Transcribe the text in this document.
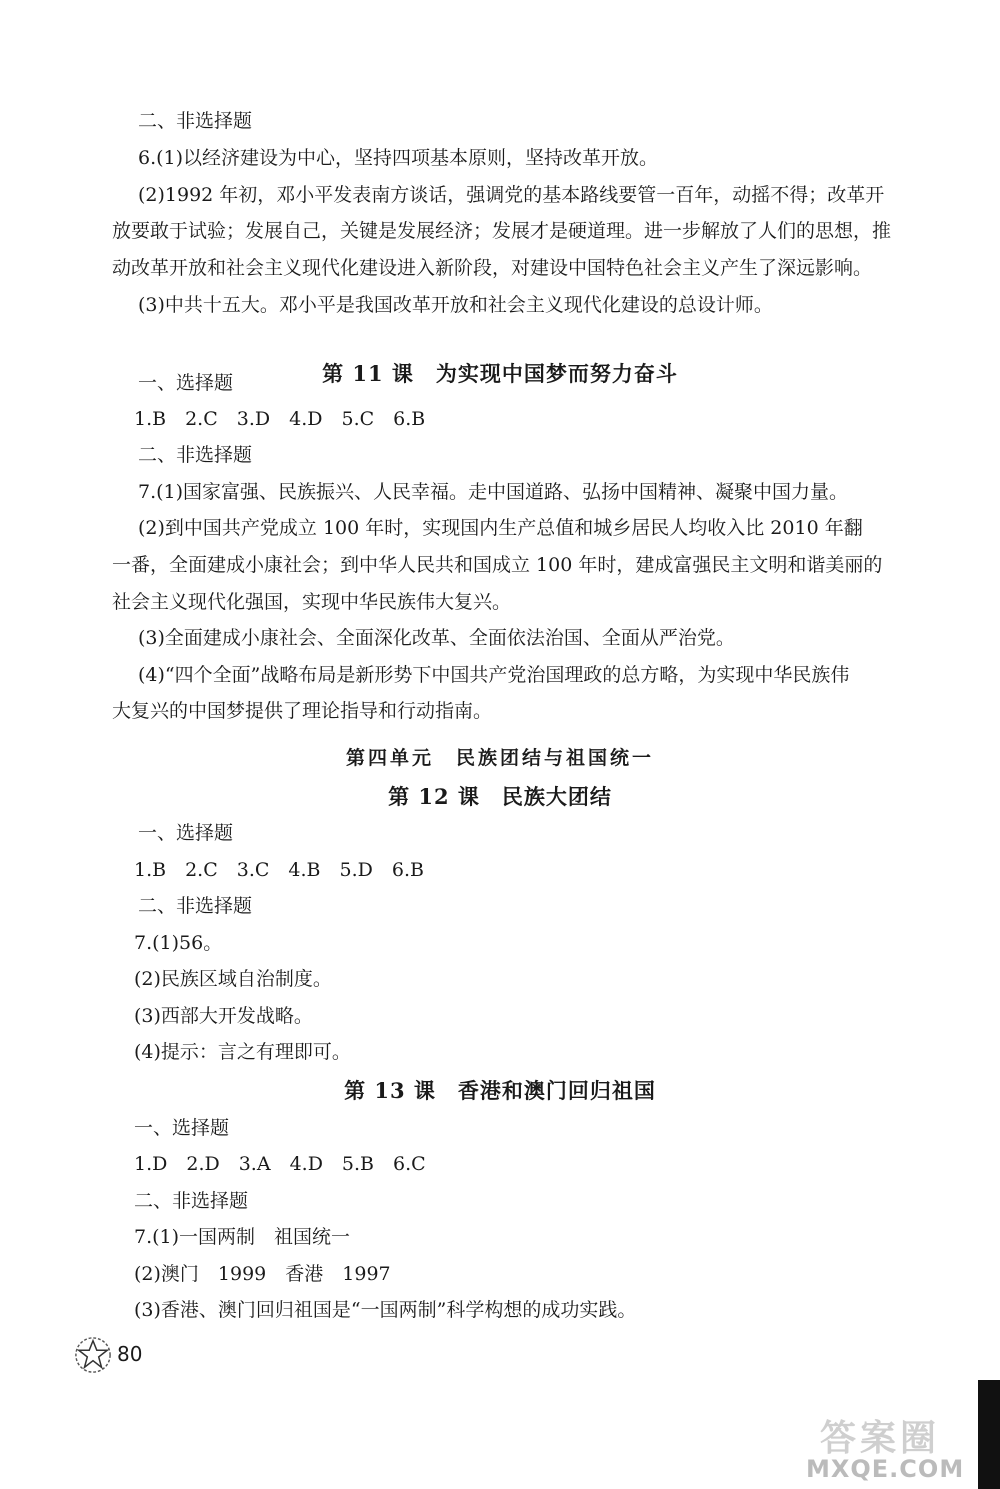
二、非选择题
6.(1)以经济建设为中心，坚持四项基本原则，坚持改革开放。
(2)1992 年初，邓小平发表南方谈话，强调党的基本路线要管一百年，动摇不得；改革开
放要敢于试验；发展自己，关键是发展经济；发展才是硬道理。进一步解放了人们的思想，推
动改革开放和社会主义现代化建设进入新阶段，对建设中国特色社会主义产生了深远影响。
(3)中共十五大。邓小平是我国改革开放和社会主义现代化建设的总设计师。
第 11 课　为实现中国梦而努力奋斗
一、选择题
1.B　2.C　3.D　4.D　5.C　6.B
二、非选择题
7.(1)国家富强、民族振兴、人民幸福。走中国道路、弘扬中国精神、凝聚中国力量。
(2)到中国共产党成立 100 年时，实现国内生产总值和城乡居民人均收入比 2010 年翻
一番，全面建成小康社会；到中华人民共和国成立 100 年时，建成富强民主文明和谐美丽的
社会主义现代化强国，实现中华民族伟大复兴。
(3)全面建成小康社会、全面深化改革、全面依法治国、全面从严治党。
(4)“四个全面”战略布局是新形势下中国共产党治国理政的总方略，为实现中华民族伟
大复兴的中国梦提供了理论指导和行动指南。
第四单元　民族团结与祖国统一
第 12 课　民族大团结
一、选择题
1.B　2.C　3.C　4.B　5.D　6.B
二、非选择题
7.(1)56。
(2)民族区域自治制度。
(3)西部大开发战略。
(4)提示：言之有理即可。
第 13 课　香港和澳门回归祖国
一、选择题
1.D　2.D　3.A　4.D　5.B　6.C
二、非选择题
7.(1)一国两制　祖国统一
(2)澳门　1999　香港　1997
(3)香港、澳门回归祖国是“一国两制”科学构想的成功实践。
80
答案圈
MXQE.COM
